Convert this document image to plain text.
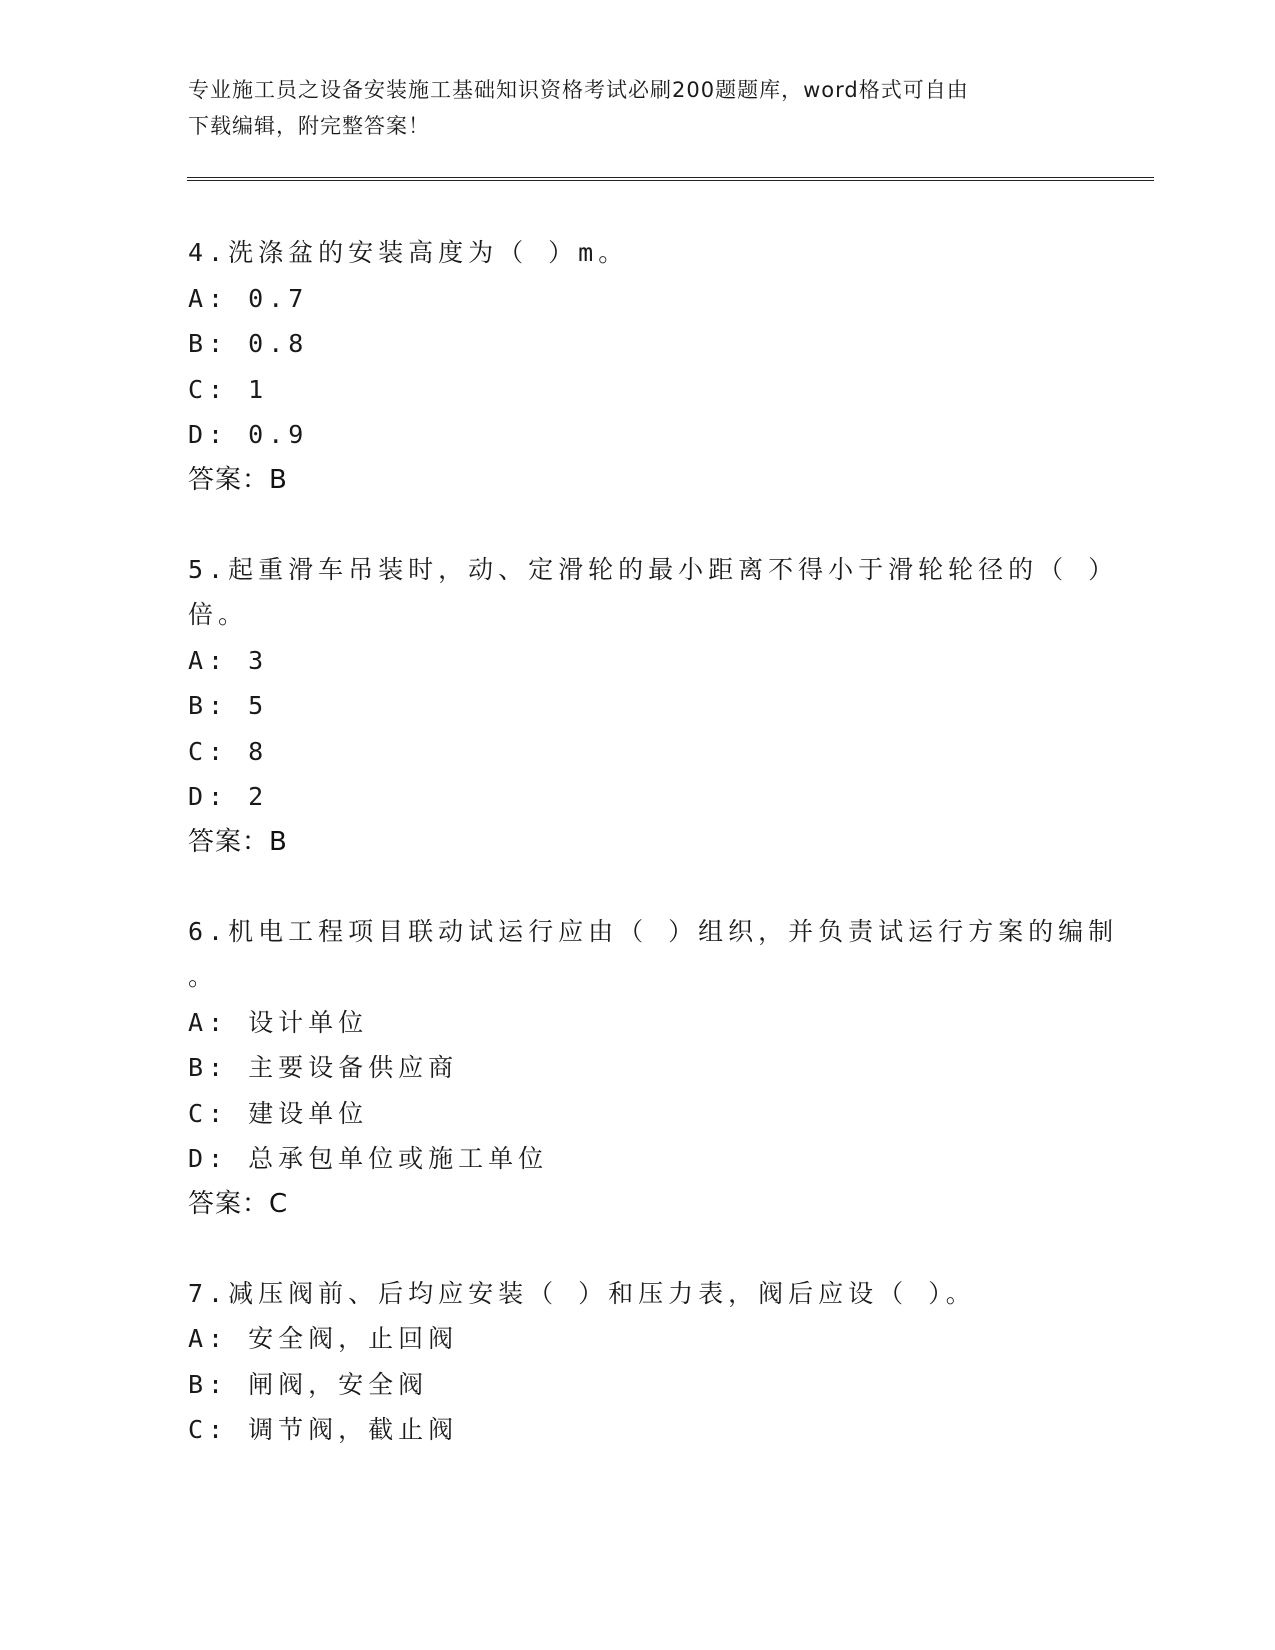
专业施工员之设备安装施工基础知识资格考试必刷200题题库，word格式可自由
下载编辑，附完整答案！

4.洗涤盆的安装高度为（ ）m。

A: 0.7

B: 0.8

C: 1

D: 0.9

答案：B

5.起重滑车吊装时，动、定滑轮的最小距离不得小于滑轮轮径的（ ）

倍。

A: 3

B: 5

C: 8

D: 2

答案：B

6.机电工程项目联动试运行应由（ ）组织，并负责试运行方案的编制

。

A: 设计单位

B: 主要设备供应商

C: 建设单位

D: 总承包单位或施工单位

答案：C

7.减压阀前、后均应安装（ ）和压力表，阀后应设（ ）。

A: 安全阀，止回阀

B: 闸阀，安全阀

C: 调节阀，截止阀
